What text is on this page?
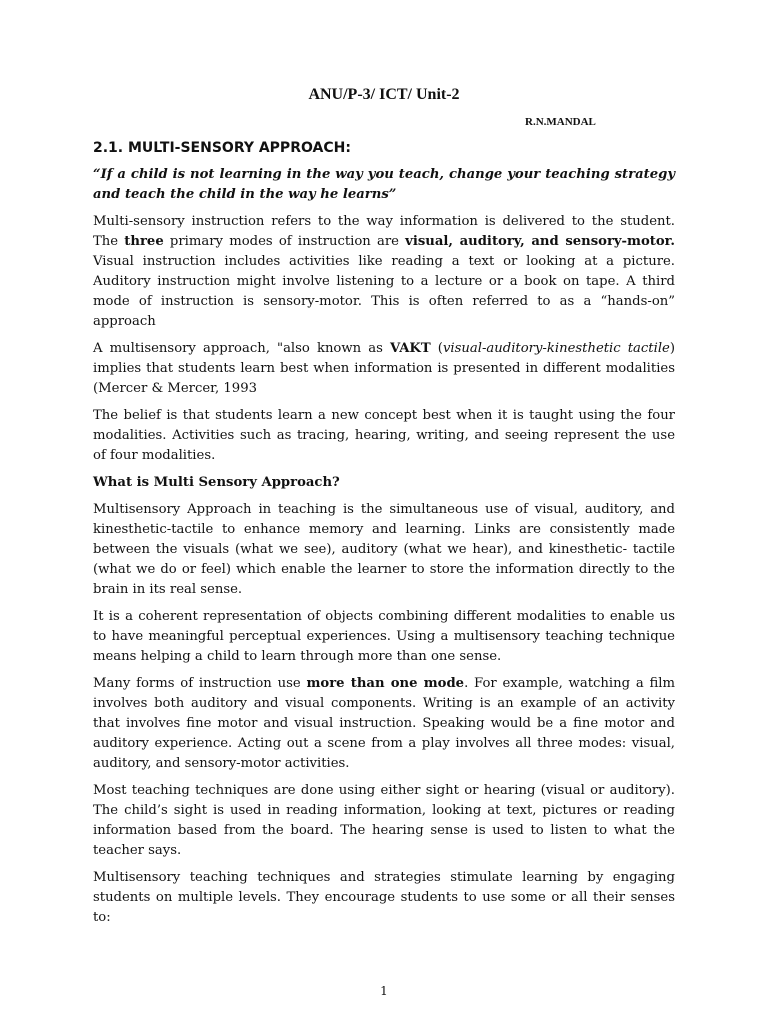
ANU/P-3/ ICT/ Unit-2

R.N.MANDAL

2.1. MULTI-SENSORY APPROACH:

“If a child is not learning in the way you teach, change your teaching strategy and teach the child in the way he learns”

Multi-sensory instruction refers to the way information is delivered to the student. The three primary modes of instruction are visual, auditory, and sensory-motor. Visual instruction includes activities like reading a text or looking at a picture. Auditory instruction might involve listening to a lecture or a book on tape. A third mode of instruction is sensory-motor. This is often referred to as a “hands-on” approach

A multisensory approach, "also known as VAKT (visual-auditory-kinesthetic tactile) implies that students learn best when information is presented in different modalities (Mercer & Mercer, 1993

The belief is that students learn a new concept best when it is taught using the four modalities. Activities such as tracing, hearing, writing, and seeing represent the use of four modalities.

What is Multi Sensory Approach?

Multisensory Approach in teaching is the simultaneous use of visual, auditory, and kinesthetic-tactile to enhance memory and learning. Links are consistently made between the visuals (what we see), auditory (what we hear), and kinesthetic- tactile (what we do or feel) which enable the learner to store the information directly to the brain in its real sense.

It is a coherent representation of objects combining different modalities to enable us to have meaningful perceptual experiences. Using a multisensory teaching technique means helping a child to learn through more than one sense.

Many forms of instruction use more than one mode. For example, watching a film involves both auditory and visual components. Writing is an example of an activity that involves fine motor and visual instruction. Speaking would be a fine motor and auditory experience. Acting out a scene from a play involves all three modes: visual, auditory, and sensory-motor activities.

Most teaching techniques are done using either sight or hearing (visual or auditory). The child’s sight is used in reading information, looking at text, pictures or reading information based from the board. The hearing sense is used to listen to what the teacher says.

Multisensory teaching techniques and strategies stimulate learning by engaging students on multiple levels. They encourage students to use some or all their senses to:

1
